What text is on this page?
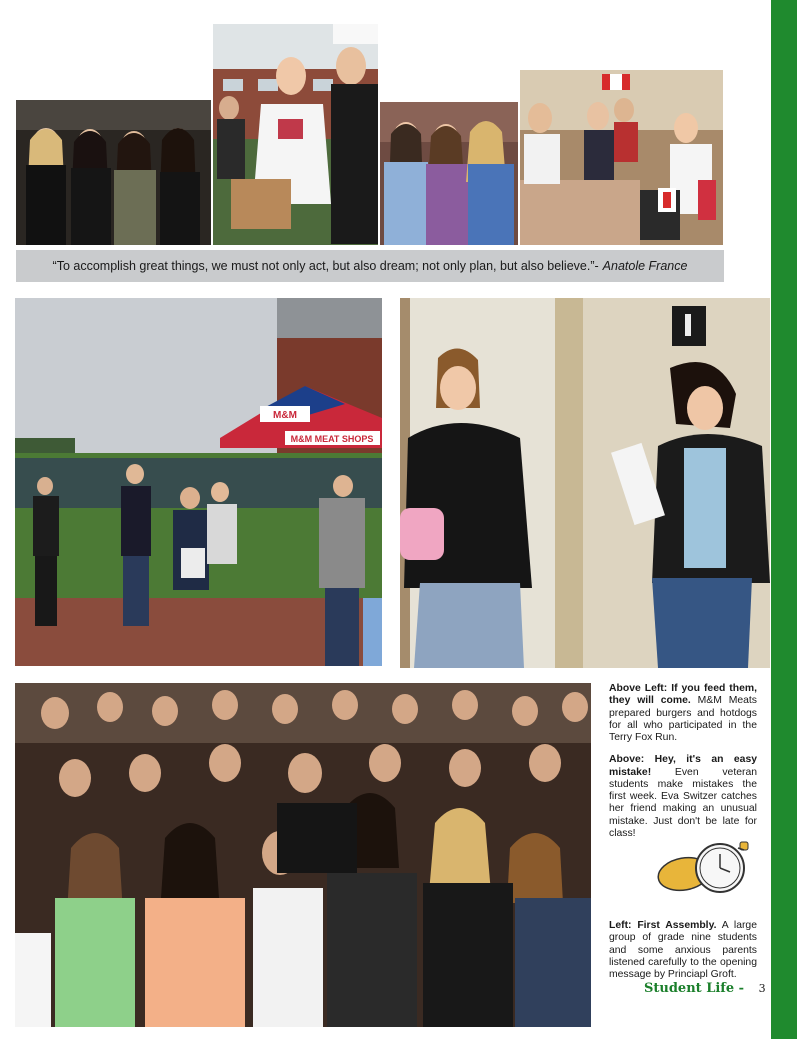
“To accomplish great things, we must not only act, but also dream; not only plan, but also believe.”- Anatole France
M&M
M&M MEAT SHOPS

Above Left: If you feed them, they will come. M&M Meats prepared burgers and hotdogs for all who participated in the Terry Fox Run.

Above: Hey, it's an easy mistake! Even veteran students make mistakes the first week. Eva Switzer catches her friend making an unusual mistake. Just don't be late for class!

Left: First Assembly. A large group of grade nine students and some anxious parents listened carefully to the opening message by Princiapl Groft.

Student Life - 3
